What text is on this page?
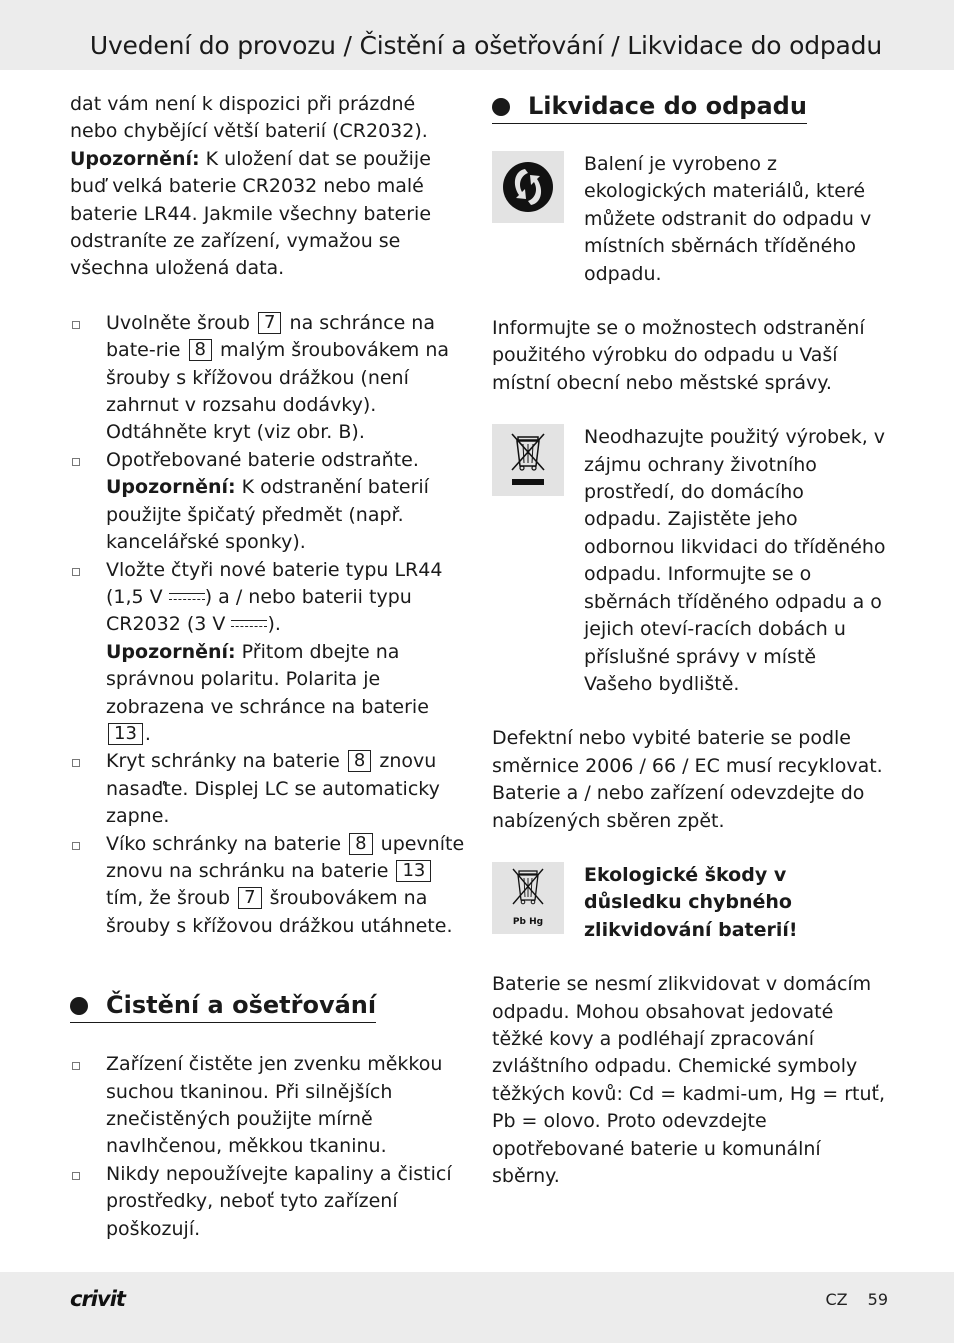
Uvedení do provozu / Čistění a ošetřování / Likvidace do odpadu

dat vám není k dispozici při prázdné nebo chybějící větší baterií (CR2032).

Upozornění: K uložení dat se použije buď velká baterie CR2032 nebo malé baterie LR44. Jakmile všechny baterie odstraníte ze zařízení, vymažou se všechna uložená data.

Uvolněte šroub 7 na schránce na bate-rie 8 malým šroubovákem na šrouby s křížovou drážkou (není zahrnut v rozsahu dodávky). Odtáhněte kryt (viz obr. B).
Opotřebované baterie odstraňte.
Upozornění: K odstranění baterií použijte špičatý předmět (např. kancelářské sponky).
Vložte čtyři nové baterie typu LR44 (1,5 V ) a / nebo baterii typu CR2032 (3 V ).
Upozornění: Přitom dbejte na správnou polaritu. Polarita je zobrazena ve schránce na baterie 13 .
Kryt schránky na baterie 8 znovu nasaďte. Displej LC se automaticky zapne.
Víko schránky na baterie 8 upevníte znovu na schránku na baterie 13 tím, že šroub 7 šroubovákem na šrouby s křížovou drážkou utáhnete.
Čistění a ošetřování
Zařízení čistěte jen zvenku měkkou suchou tkaninou. Při silnějších znečistěných použijte mírně navlhčenou, měkkou tkaninu.
Nikdy nepoužívejte kapaliny a čisticí prostředky, neboť tyto zařízení poškozují.
Likvidace do odpadu

Balení je vyrobeno z ekologických materiálů, které můžete odstranit do odpadu v místních sběrnách tříděného odpadu.

Informujte se o možnostech odstranění použitého výrobku do odpadu u Vaší místní obecní nebo městské správy.

Neodhazujte použitý výrobek, v zájmu ochrany životního prostředí, do domácího odpadu. Zajistěte jeho odbornou likvidaci do tříděného odpadu. Informujte se o sběrnách tříděného odpadu a o jejich oteví-racích dobách u příslušné správy v místě Vašeho bydliště.

Defektní nebo vybité baterie se podle směrnice 2006 / 66 / EC musí recyklovat. Baterie a / nebo zařízení odevzdejte do nabízených sběren zpět.

Pb Hg

Ekologické škody v důsledku chybného zlikvidování baterií!

Baterie se nesmí zlikvidovat v domácím odpadu. Mohou obsahovat jedovaté těžké kovy a podléhají zpracování zvláštního odpadu. Chemické symboly těžkých kovů: Cd = kadmi-um, Hg = rtuť, Pb = olovo. Proto odevzdejte opotřebované baterie u komunální sběrny.

crivit	CZ 59
